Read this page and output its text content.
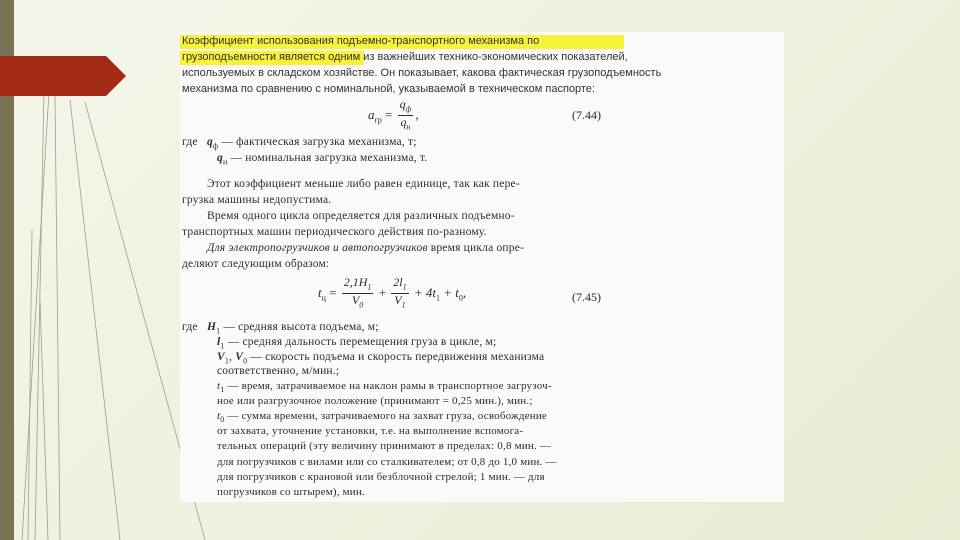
Коэффициент использования подъемно-транспортного механизма по
грузоподъемности является одним из важнейших технико-экономических показателей,
используемых в складском хозяйстве. Он показывает, какова фактическая грузоподъемность
механизма по сравнению с номинальной, указываемой в техническом паспорте:
$a_{гр} = \frac{q_ф}{q_н}$ ,	(7.44)
где $q_ф$ — фактическая загрузка механизма, т;
$q_н$ — номинальная загрузка механизма, т.
Этот коэффициент меньше либо равен единице, так как пере-
грузка машины недопустима.
Время одного цикла определяется для различных подъемно-
транспортных машин периодического действия по-разному.
Для электропогрузчиков и автопогрузчиков время цикла опре-
деляют следующим образом:
$t_ц = \frac{2,1H_1}{V_0} + \frac{2l_1}{V_1} + 4t_1 + t_0$,	(7.45)
где $H_1$ — средняя высота подъема, м;
$l_1$ — средняя дальность перемещения груза в цикле, м;
$V_1$, $V_0$ — скорость подъема и скорость передвижения механизма
соответственно, м/мин.;
$t_1$ — время, затрачиваемое на наклон рамы в транспортное загрузоч-
ное или разгрузочное положение (принимают = 0,25 мин.), мин.;
$t_0$ — сумма времени, затрачиваемого на захват груза, освобождение
от захвата, уточнение установки, т.е. на выполнение вспомога-
тельных операций (эту величину принимают в пределах: 0,8 мин. —
для погрузчиков с вилами или со сталкивателем; от 0,8 до 1,0 мин. —
для погрузчиков с крановой или безблочной стрелой; 1 мин. — для
погрузчиков со штырем), мин.
